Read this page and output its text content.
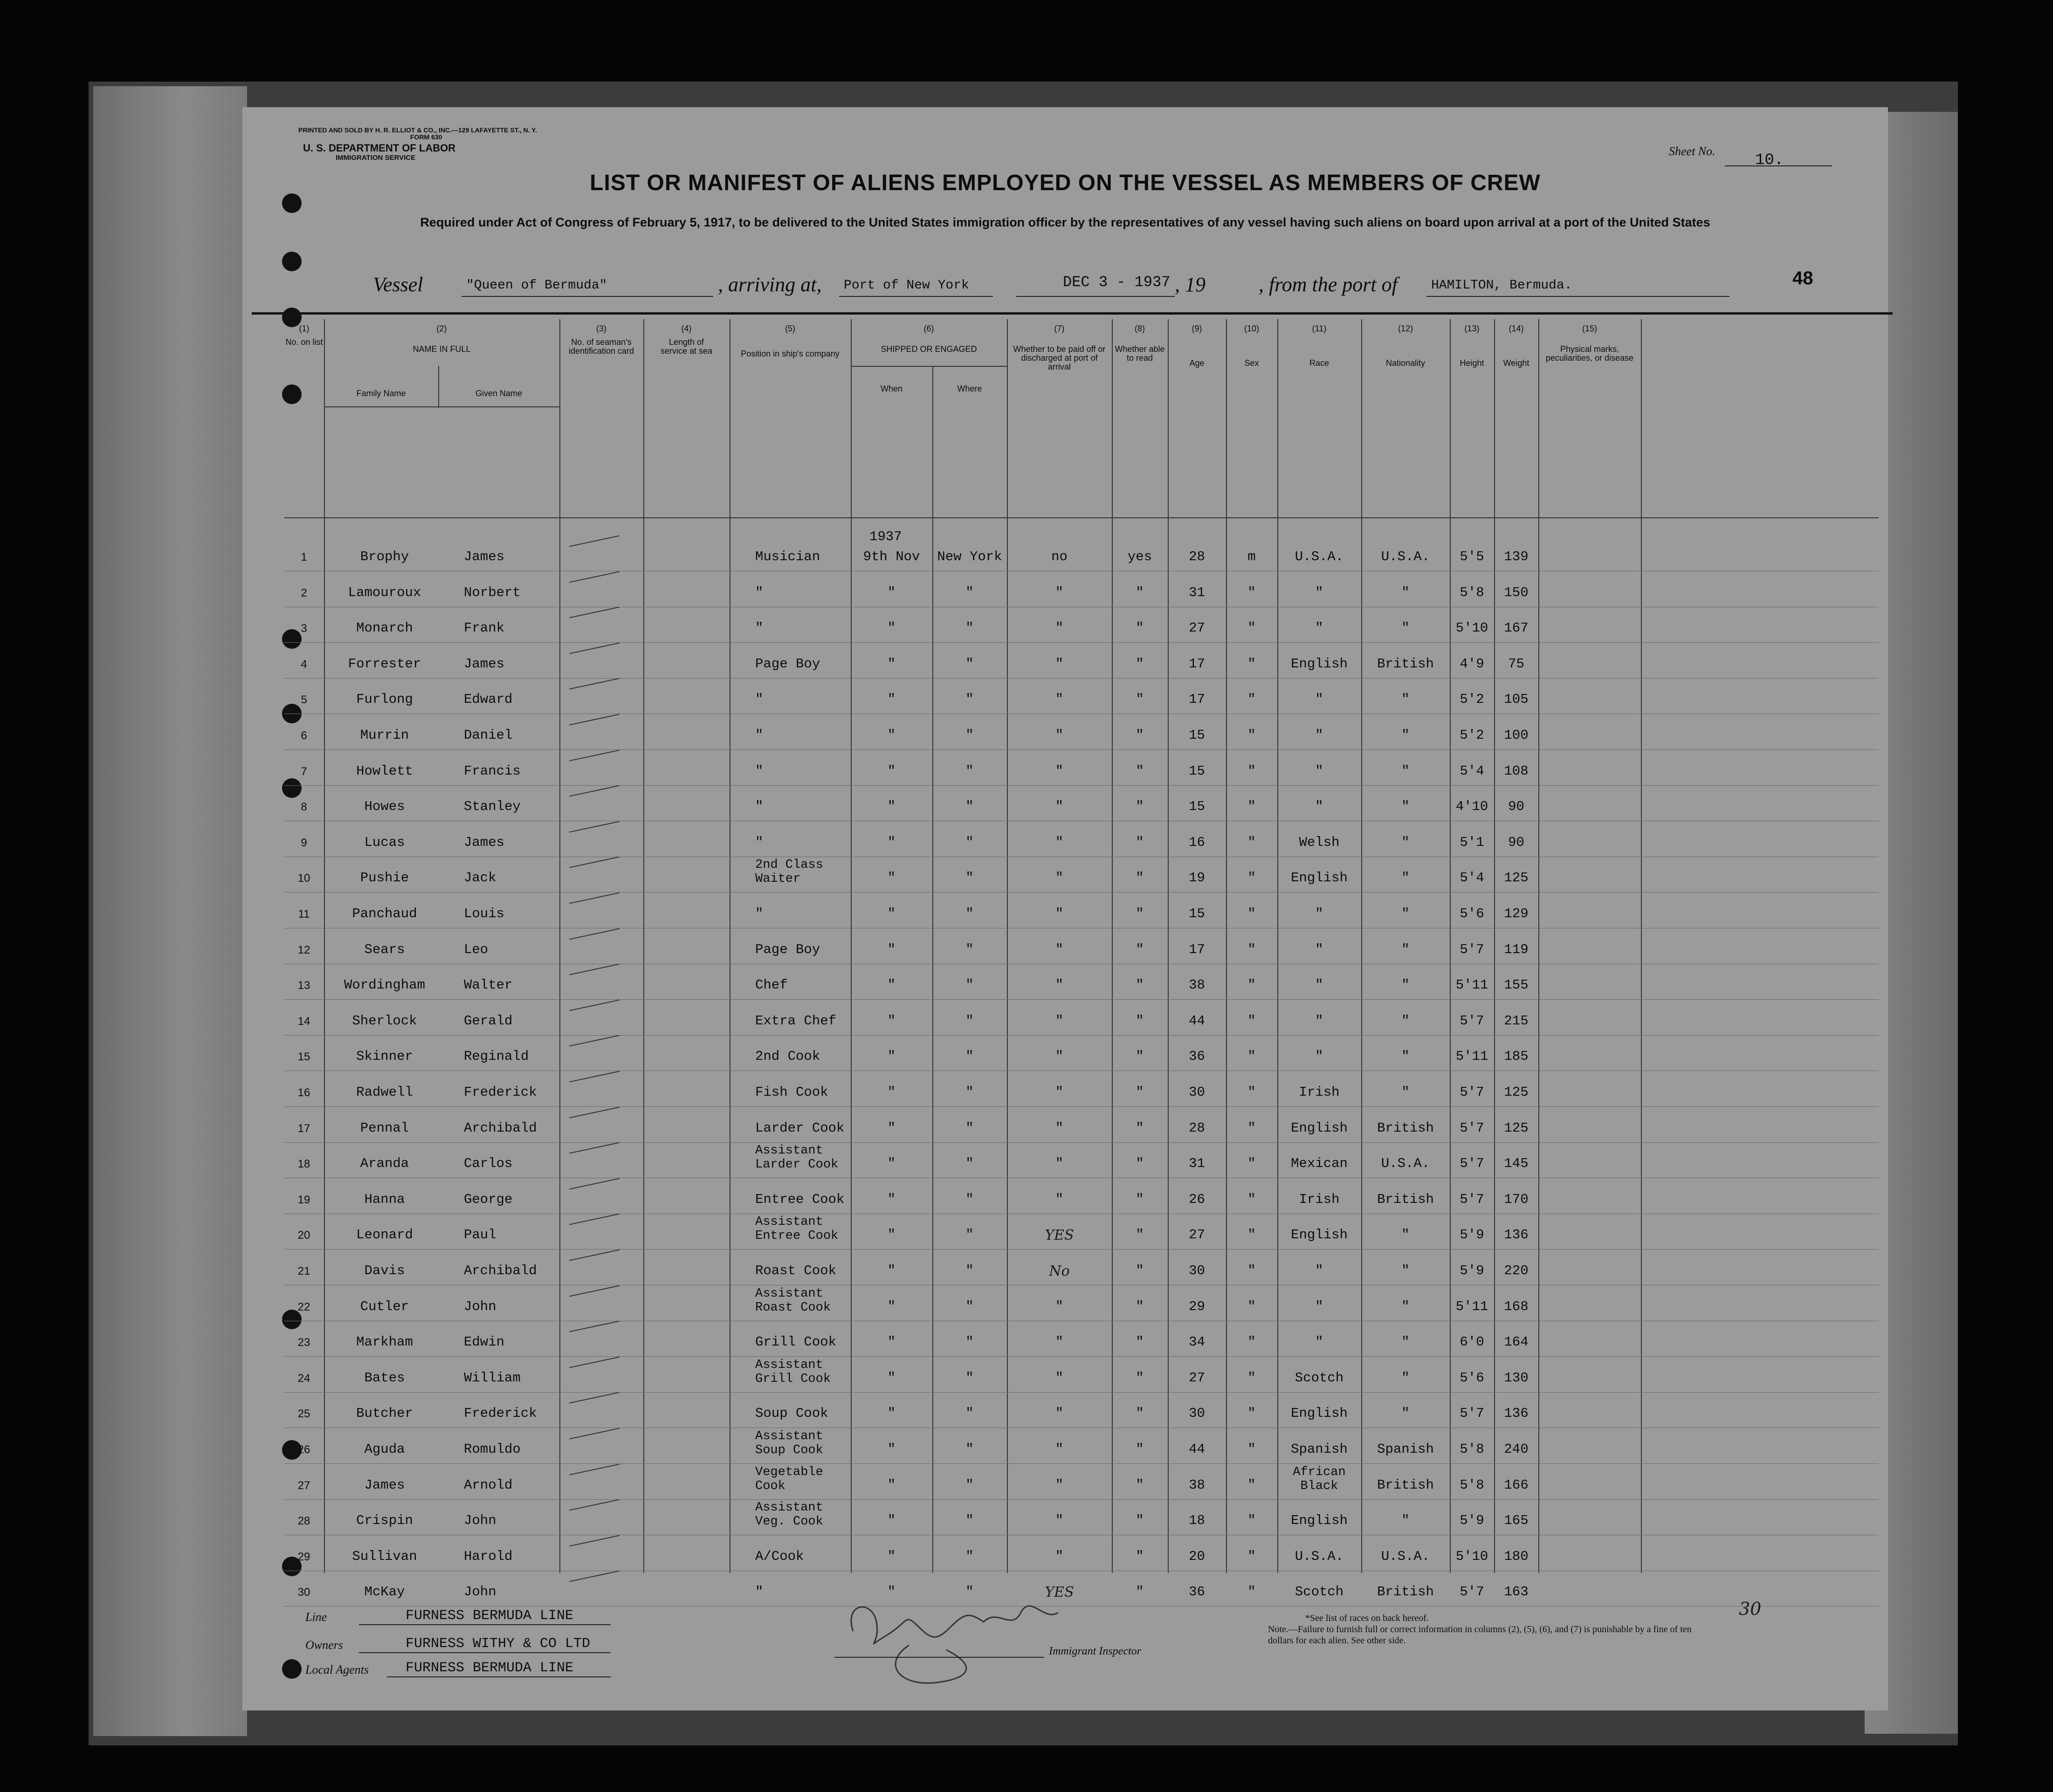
PRINTED AND SOLD BY H. R. ELLIOT & CO., INC.—129 LAFAYETTE ST., N. Y.
FORM 630
U. S. DEPARTMENT OF LABOR
IMMIGRATION SERVICE	Sheet No.
10.
LIST OR MANIFEST OF ALIENS EMPLOYED ON THE VESSEL AS MEMBERS OF CREW
Required under Act of Congress of February 5, 1917, to be delivered to the United States immigration officer by the representatives of any vessel having such aliens on board upon arrival at a port of the United States
Vessel	"Queen of Bermuda"	, arriving at, Port of New York	DEC 3 - 1937 , 19	, from the port of	HAMILTON, Bermuda.	48
(1)
No. on list
(2)
NAME IN FULL
Family Name	Given Name
(3)
No. of seaman's identification card
(4)
Length of service at sea
(5)
Position in ship's company
(6)
SHIPPED OR ENGAGED
When	Where
(7)
Whether to be paid off or discharged at port of arrival
(8)
Whether able to read
(9)
Age
(10)
Sex
(11)
Race
(12)
Nationality
(13)
Height
(14)
Weight
(15)
Physical marks, peculiarities, or disease
1937
1	Brophy	James	Musician	9th Nov	New York	no	yes	28	m	U.S.A.	U.S.A.	5'5	139
2	Lamouroux	Norbert	"	"	"	"	"	31	"	"	"	5'8	150
3	Monarch	Frank	"	"	"	"	"	27	"	"	"	5'10	167
4	Forrester	James	Page Boy	"	"	"	"	17	"	English	British	4'9	75
5	Furlong	Edward	"	"	"	"	"	17	"	"	"	5'2	105
6	Murrin	Daniel	"	"	"	"	"	15	"	"	"	5'2	100
7	Howlett	Francis	"	"	"	"	"	15	"	"	"	5'4	108
8	Howes	Stanley	"	"	"	"	"	15	"	"	"	4'10	90
9	Lucas	James	"	"	"	"	"	16	"	Welsh	"	5'1	90
10	Pushie	Jack
2nd Class Waiter	"	"	"	"	19	"	English	"	5'4	125
11	Panchaud	Louis	"	"	"	"	"	15	"	"	"	5'6	129
12	Sears	Leo	Page Boy	"	"	"	"	17	"	"	"	5'7	119
13	Wordingham	Walter	Chef	"	"	"	"	38	"	"	"	5'11	155
14	Sherlock	Gerald	Extra Chef	"	"	"	"	44	"	"	"	5'7	215
15	Skinner	Reginald	2nd Cook	"	"	"	"	36	"	"	"	5'11	185
16	Radwell	Frederick	Fish Cook	"	"	"	"	30	"	Irish	"	5'7	125
17	Pennal	Archibald	Larder Cook	"	"	"	"	28	"	English	British	5'7	125
18	Aranda	Carlos
Assistant Larder Cook	"	"	"	"	31	"	Mexican	U.S.A.	5'7	145
19	Hanna	George	Entree Cook	"	"	"	"	26	"	Irish	British	5'7	170
20	Leonard	Paul
Assistant Entree Cook	"	"	YES	"	27	"	English	"	5'9	136
21	Davis	Archibald	Roast Cook	"	"	No	"	30	"	"	"	5'9	220
22	Cutler	John
Assistant Roast Cook	"	"	"	"	29	"	"	"	5'11	168
23	Markham	Edwin	Grill Cook	"	"	"	"	34	"	"	"	6'0	164
24	Bates	William
Assistant Grill Cook	"	"	"	"	27	"	Scotch	"	5'6	130
25	Butcher	Frederick	Soup Cook	"	"	"	"	30	"	English	"	5'7	136
26	Aguda	Romuldo
Assistant Soup Cook	"	"	"	"	44	"	Spanish	Spanish	5'8	240
27	James	Arnold
Vegetable Cook	"	"	"	"	38	"
African Black	British	5'8	166
28	Crispin	John
Assistant Veg. Cook	"	"	"	"	18	"	English	"	5'9	165
29	Sullivan	Harold	A/Cook	"	"	"	"	20	"	U.S.A.	U.S.A.	5'10	180
30	McKay	John	"	"	"	YES	"	36	"	Scotch	British	5'7	163
Line	FURNESS BERMUDA LINE
Owners	FURNESS WITHY & CO LTD
Local Agents	FURNESS BERMUDA LINE
Immigrant Inspector
*See list of races on back hereof.
Note.—Failure to furnish full or correct information in columns (2), (5), (6), and (7) is punishable by a fine of ten dollars for each alien. See other side.
30
